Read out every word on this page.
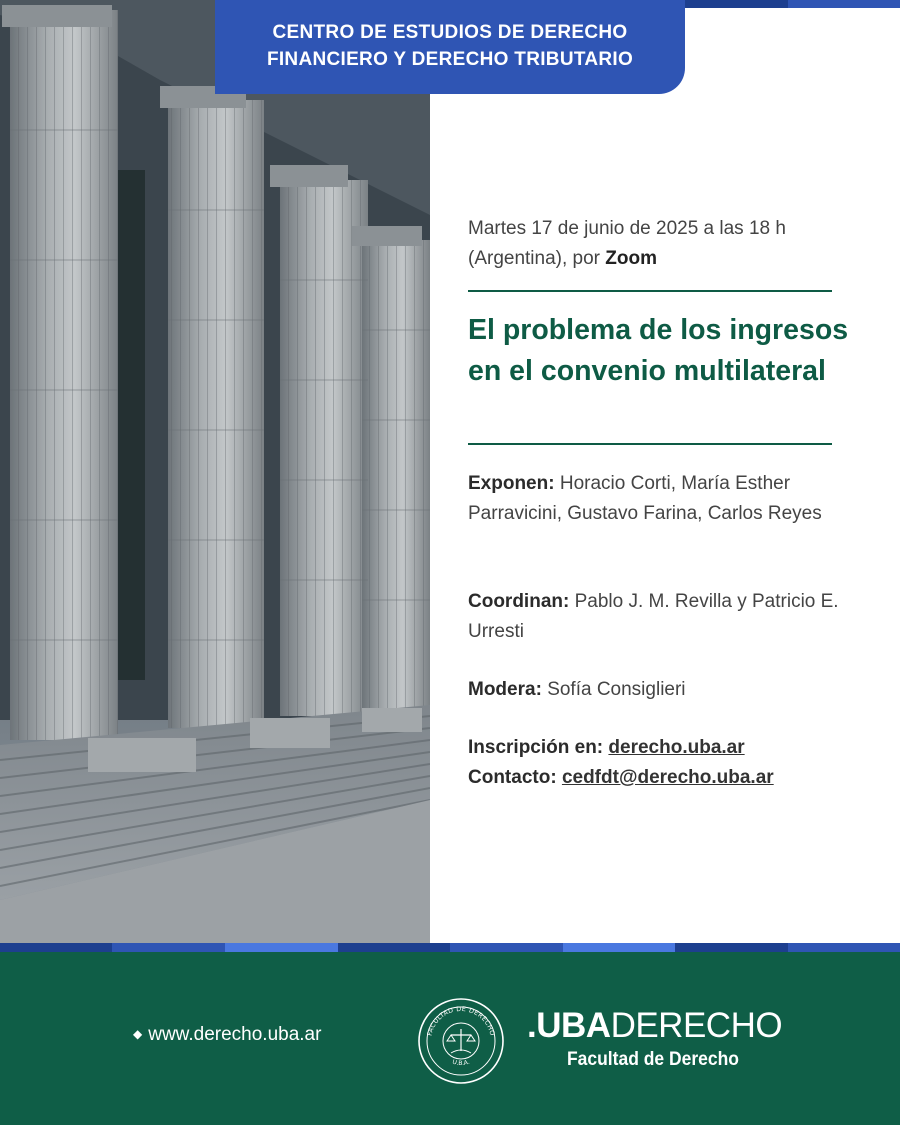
CENTRO DE ESTUDIOS DE DERECHO
FINANCIERO Y DERECHO TRIBUTARIO
Martes 17 de junio de 2025 a las 18 h (Argentina), por Zoom
El problema de los ingresos en el convenio multilateral
Exponen: Horacio Corti, María Esther Parravicini, Gustavo Farina, Carlos Reyes
Coordinan: Pablo J. M. Revilla y Patricio E. Urresti
Modera: Sofía Consiglieri
Inscripción en: derecho.uba.ar
Contacto: cedfdt@derecho.uba.ar
◆ www.derecho.uba.ar	FACULTAD DE DERECHO
U.B.A.
.UBADERECHO
Facultad de Derecho
